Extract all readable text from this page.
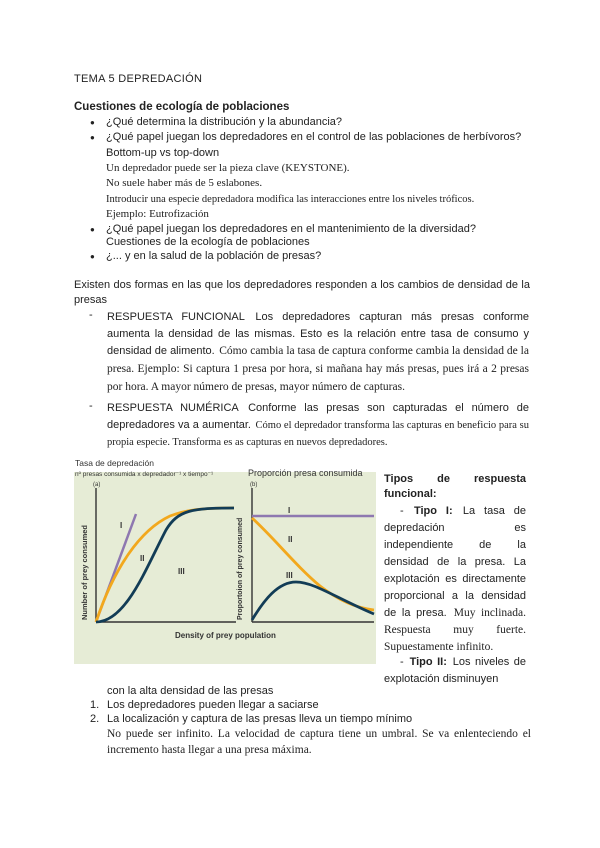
TEMA 5 DEPREDACIÓN
Cuestiones de ecología de poblaciones
● ¿Qué determina la distribución y la abundancia?
● ¿Qué papel juegan los depredadores en el control de las poblaciones de herbívoros?
Bottom-up vs top-down
Un depredador puede ser la pieza clave (KEYSTONE).
No suele haber más de 5 eslabones.
Introducir una especie depredadora modifica las interacciones entre los niveles tróficos.
Ejemplo: Eutrofización
● ¿Qué papel juegan los depredadores en el mantenimiento de la diversidad?
Cuestiones de la ecología de poblaciones
● ¿... y en la salud de la población de presas?
Existen dos formas en las que los depredadores responden a los cambios de densidad de la presas
- RESPUESTA FUNCIONAL Los depredadores capturan más presas conforme aumenta la densidad de las mismas. Esto es la relación entre tasa de consumo y densidad de alimento. Cómo cambia la tasa de captura conforme cambia la densidad de la presa. Ejemplo: Si captura 1 presa por hora, si mañana hay más presas, pues irá a 2 presas por hora. A mayor número de presas, mayor número de capturas.
- RESPUESTA NUMÉRICA Conforme las presas son capturadas el número de depredadores va a aumentar. Cómo el depredador transforma las capturas en beneficio para su propia especie. Transforma es as capturas en nuevos depredadores.
Tasa de depredación
nº presas consumida x depredador⁻¹ x tiempo⁻¹	Proporción presa consumida
(a)	(b)
Number of prey consumed	I
II
III	Proportoion of prey consumed
I
II
III
Density of prey population
Tipos de respuesta funcional:
- Tipo I: La tasa de depredación es independiente de la densidad de la presa. La explotación es directamente proporcional a la densidad de la presa. Muy inclinada. Respuesta muy fuerte. Supuestamente infinito.
- Tipo II: Los niveles de explotación disminuyen
con la alta densidad de las presas
1. Los depredadores pueden llegar a saciarse
2. La localización y captura de las presas lleva un tiempo mínimo
No puede ser infinito. La velocidad de captura tiene un umbral. Se va enlenteciendo el incremento hasta llegar a una presa máxima.
